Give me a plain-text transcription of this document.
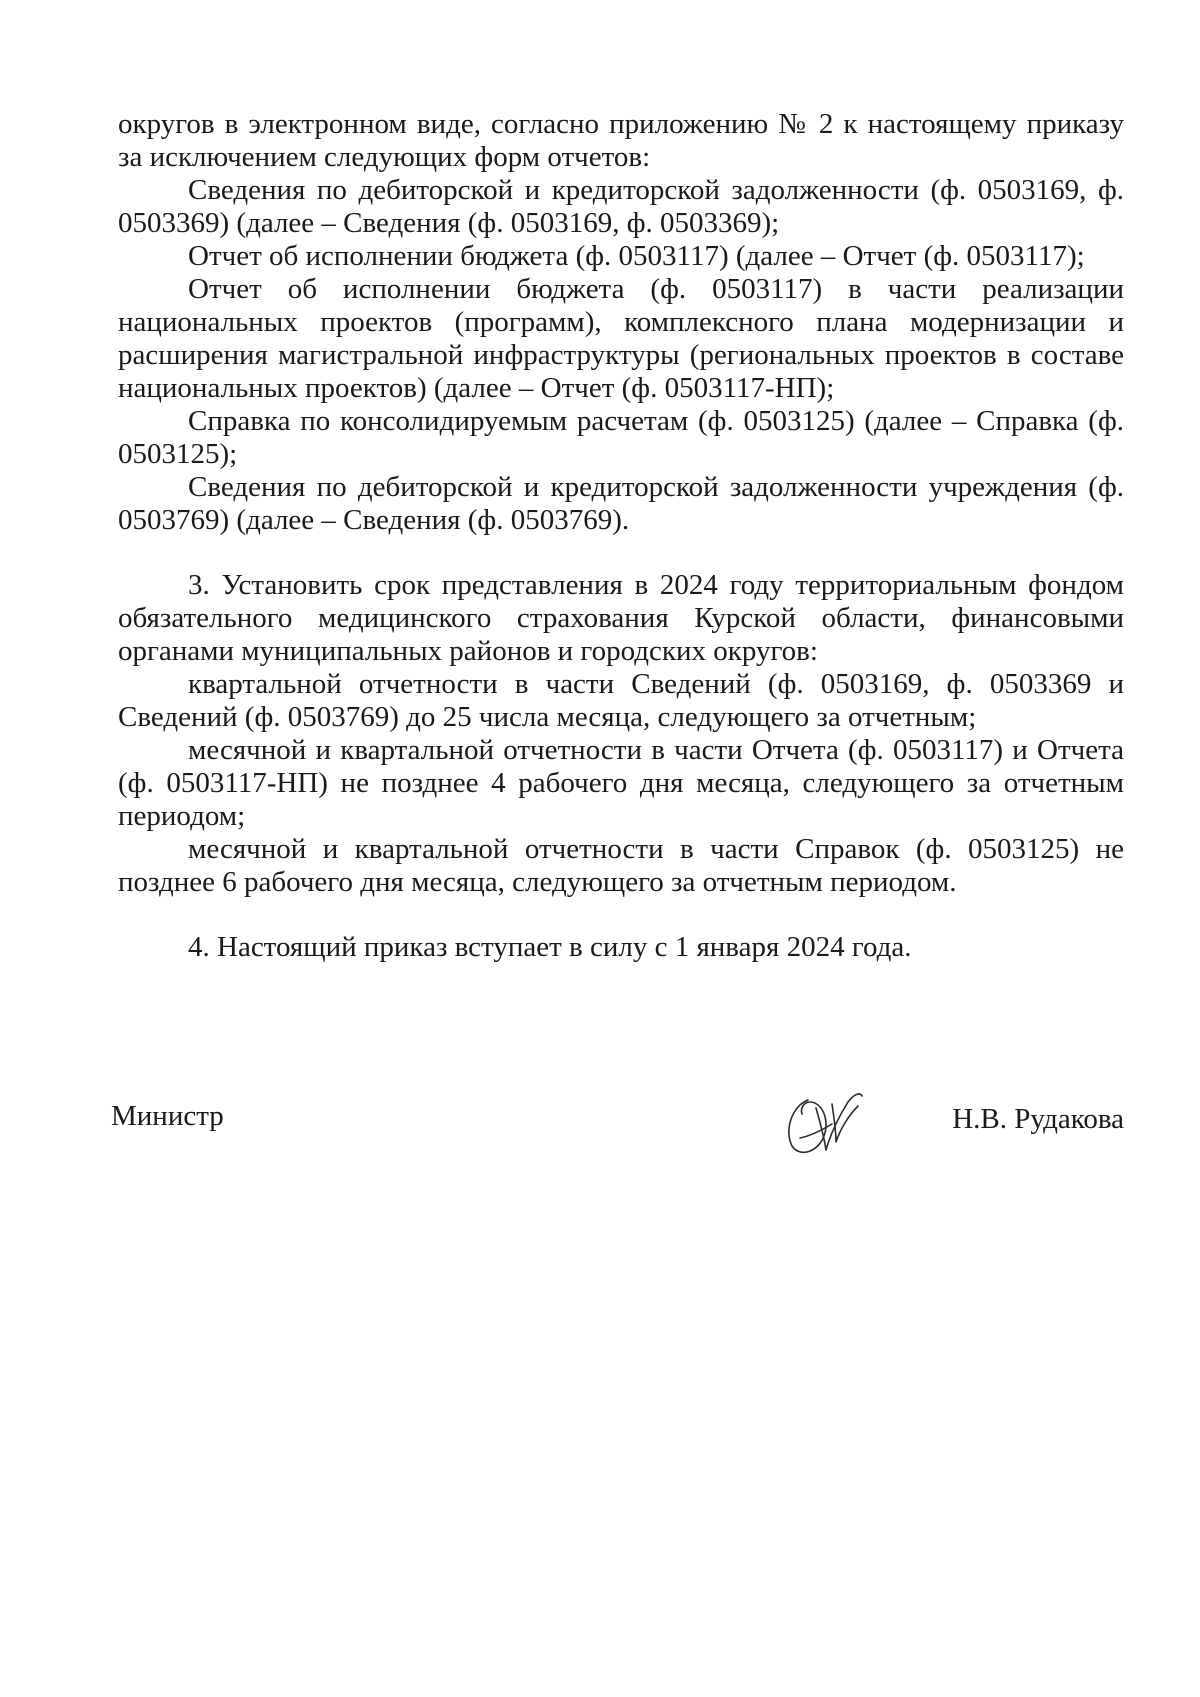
округов в электронном виде, согласно приложению № 2 к настоящему приказу за исключением следующих форм отчетов:

Сведения по дебиторской и кредиторской задолженности (ф. 0503169, ф. 0503369) (далее – Сведения (ф. 0503169, ф. 0503369);

Отчет об исполнении бюджета (ф. 0503117) (далее – Отчет (ф. 0503117);

Отчет об исполнении бюджета (ф. 0503117) в части реализации национальных проектов (программ), комплексного плана модернизации и расширения магистральной инфраструктуры (региональных проектов в составе национальных проектов) (далее – Отчет (ф. 0503117-НП);

Справка по консолидируемым расчетам (ф. 0503125) (далее – Справка (ф. 0503125);

Сведения по дебиторской и кредиторской задолженности учреждения (ф. 0503769) (далее – Сведения (ф. 0503769).

3. Установить срок представления в 2024 году территориальным фондом обязательного медицинского страхования Курской области, финансовыми органами муниципальных районов и городских округов:

квартальной отчетности в части Сведений (ф. 0503169, ф. 0503369 и Сведений (ф. 0503769) до 25 числа месяца, следующего за отчетным;

месячной и квартальной отчетности в части Отчета (ф. 0503117) и Отчета (ф. 0503117-НП) не позднее 4 рабочего дня месяца, следующего за отчетным периодом;

месячной и квартальной отчетности в части Справок (ф. 0503125) не позднее 6 рабочего дня месяца, следующего за отчетным периодом.

4. Настоящий приказ вступает в силу с 1 января 2024 года.

Министр	Н.В. Рудакова
